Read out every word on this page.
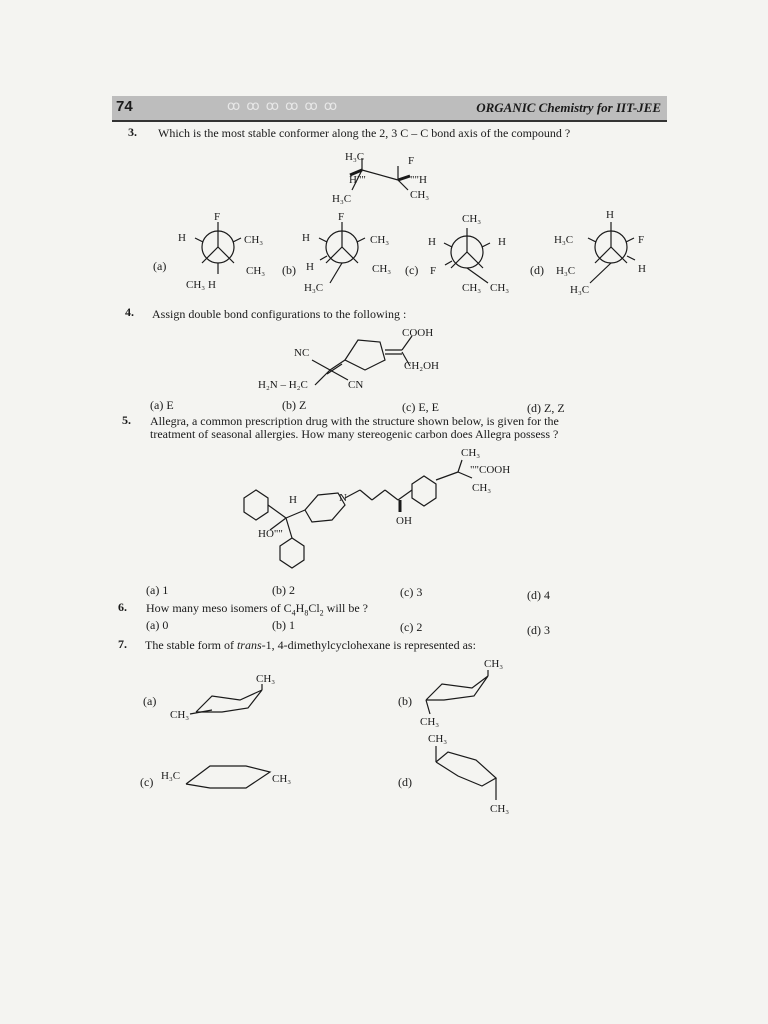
74	ꝏ ꝏ ꝏ ꝏ ꝏ ꝏ	ORGANIC Chemistry for IIT-JEE
3. Which is the most stable conformer along the 2, 3 C – C bond axis of the compound ?
H₃C	F
H""	""H
H₃C	CH₃
F
H	CH₃
CH₃
CH₃ H
F
H	CH₃
H	CH₃
H₃C
CH₃
H	H
F
CH₃ CH₃
H
H₃C	F
H₃C	H
H₃C
(a)	(b)	(c)	(d)
4. Assign double bond configurations to the following :
COOH
NC
CH₂OH
H₂N – H₂C	CN
(a) E	(b) Z	(c) E, E	(d) Z, Z
5. Allegra, a common prescription drug with the structure shown below, is given for the
treatment of seasonal allergies. How many stereogenic carbon does Allegra possess ?
CH₃
""COOH
CH₃
H	N
OH
HO""
(a) 1	(b) 2	(c) 3	(d) 4
6. How many meso isomers of $C_4H_8Cl_2$ will be ?
(a) 0	(b) 1	(c) 2	(d) 3
7. The stable form of trans-1, 4-dimethylcyclohexane is represented as:
CH₃
CH₃
CH₃
CH₃
H₃C	CH₃
CH₃
CH₃
(a)	(b)
(c)	(d)
